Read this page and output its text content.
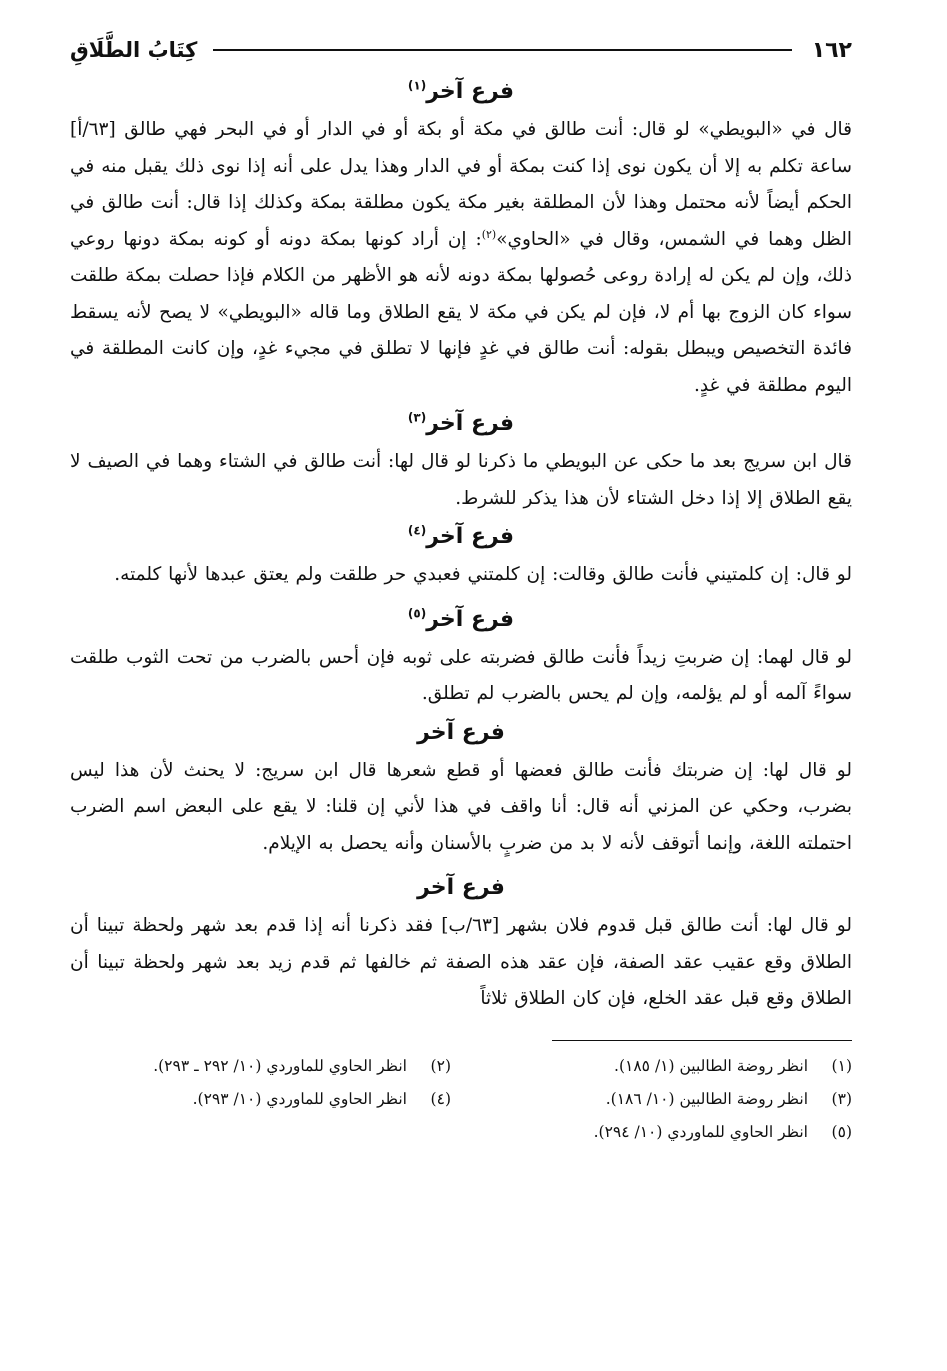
١٦٢
كِتَابُ الطَّلَاقِ
فرع آخر$^{(١)}$

قال في «البويطي» لو قال: أنت طالق في مكة أو بكة أو في الدار أو في البحر فهي طالق [٦٣/أ] ساعة تكلم به إلا أن يكون نوى إذا كنت بمكة أو في الدار وهذا يدل على أنه إذا نوى ذلك يقبل منه في الحكم أيضاً لأنه محتمل وهذا لأن المطلقة بغير مكة يكون مطلقة بمكة وكذلك إذا قال: أنت طالق في الظل وهما في الشمس، وقال في «الحاوي»$^{(٢)}$: إن أراد كونها بمكة دونه أو كونه بمكة دونها روعي ذلك، وإن لم يكن له إرادة روعى حُصولها بمكة دونه لأنه هو الأظهر من الكلام فإذا حصلت بمكة طلقت سواء كان الزوج بها أم لا، فإن لم يكن في مكة لا يقع الطلاق وما قاله «البويطي» لا يصح لأنه يسقط فائدة التخصيص ويبطل بقوله: أنت طالق في غدٍ فإنها لا تطلق في مجيء غدٍ، وإن كانت المطلقة في اليوم مطلقة في غدٍ.

فرع آخر$^{(٣)}$

قال ابن سريج بعد ما حكى عن البويطي ما ذكرنا لو قال لها: أنت طالق في الشتاء وهما في الصيف لا يقع الطلاق إلا إذا دخل الشتاء لأن هذا يذكر للشرط.

فرع آخر$^{(٤)}$

لو قال: إن كلمتيني فأنت طالق وقالت: إن كلمتني فعبدي حر طلقت ولم يعتق عبدها لأنها كلمته.

فرع آخر$^{(٥)}$

لو قال لهما: إن ضربتِ زيداً فأنت طالق فضربته على ثوبه فإن أحس بالضرب من تحت الثوب طلقت سواءً آلمه أو لم يؤلمه، وإن لم يحس بالضرب لم تطلق.

فرع آخر

لو قال لها: إن ضربتك فأنت طالق فعضها أو قطع شعرها قال ابن سريج: لا يحنث لأن هذا ليس بضرب، وحكي عن المزني أنه قال: أنا واقف في هذا لأني إن قلنا: لا يقع على البعض اسم الضرب احتملته اللغة، وإنما أتوقف لأنه لا بد من ضربٍ بالأسنان وأنه يحصل به الإيلام.

فرع آخر

لو قال لها: أنت طالق قبل قدوم فلان بشهر [٦٣/ب] فقد ذكرنا أنه إذا قدم بعد شهر ولحظة تبينا أن الطلاق وقع عقيب عقد الصفة، فإن عقد هذه الصفة ثم خالفها ثم قدم زيد بعد شهر ولحظة تبينا أن الطلاق وقع قبل عقد الخلع، فإن كان الطلاق ثلاثاً

(١)انظر روضة الطالبين (١/ ١٨٥).
(٢)انظر الحاوي للماوردي (١٠/ ٢٩٢ ـ ٢٩٣).
(٣)انظر روضة الطالبين (١٠/ ١٨٦).
(٤)انظر الحاوي للماوردي (١٠/ ٢٩٣).
(٥)انظر الحاوي للماوردي (١٠/ ٢٩٤).
